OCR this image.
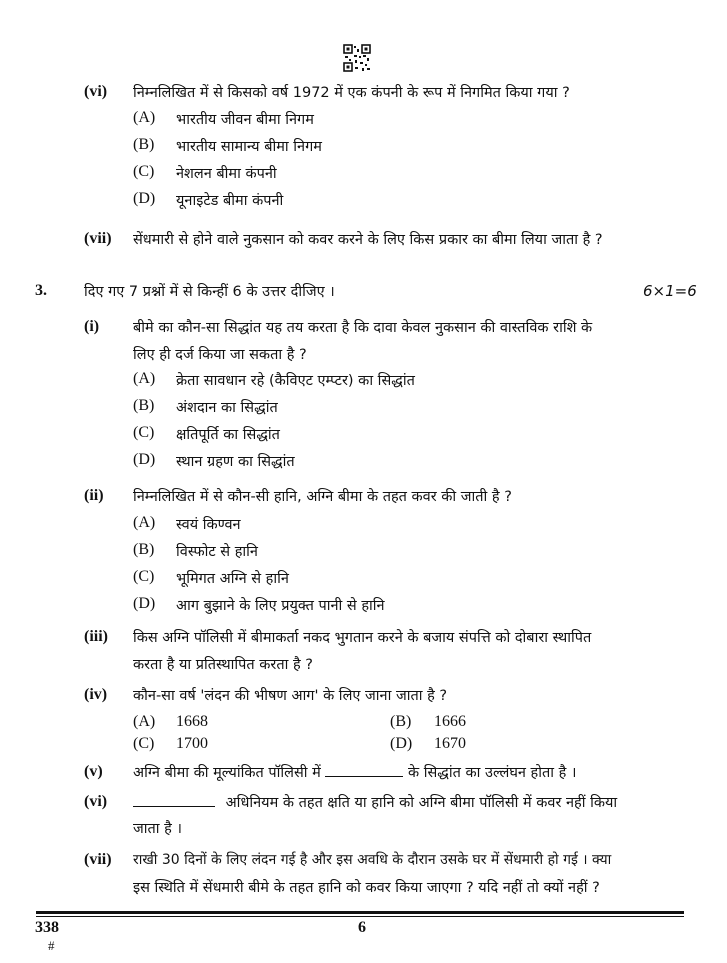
(vi) निम्नलिखित में से किसको वर्ष 1972 में एक कंपनी के रूप में निगमित किया गया ?
(A) भारतीय जीवन बीमा निगम
(B) भारतीय सामान्य बीमा निगम
(C) नेशलन बीमा कंपनी
(D) यूनाइटेड बीमा कंपनी
(vii) सेंधमारी से होने वाले नुकसान को कवर करने के लिए किस प्रकार का बीमा लिया जाता है ?
3.	दिए गए 7 प्रश्नों में से किन्हीं 6 के उत्तर दीजिए ।	6×1=6
(i) बीमे का कौन-सा सिद्धांत यह तय करता है कि दावा केवल नुकसान की वास्तविक राशि के
लिए ही दर्ज किया जा सकता है ?
(A) क्रेता सावधान रहे (कैविएट एम्प्टर) का सिद्धांत
(B) अंशदान का सिद्धांत
(C) क्षतिपूर्ति का सिद्धांत
(D) स्थान ग्रहण का सिद्धांत
(ii) निम्नलिखित में से कौन-सी हानि, अग्नि बीमा के तहत कवर की जाती है ?
(A) स्वयं किण्वन
(B) विस्फोट से हानि
(C) भूमिगत अग्नि से हानि
(D) आग बुझाने के लिए प्रयुक्त पानी से हानि
(iii) किस अग्नि पॉलिसी में बीमाकर्ता नकद भुगतान करने के बजाय संपत्ति को दोबारा स्थापित
करता है या प्रतिस्थापित करता है ?
(iv) कौन-सा वर्ष 'लंदन की भीषण आग' के लिए जाना जाता है ?
(A) 1668	(B) 1666
(C) 1700	(D) 1670
(v) अग्नि बीमा की मूल्यांकित पॉलिसी में	के सिद्धांत का उल्लंघन होता है ।
(vi)	अधिनियम के तहत क्षति या हानि को अग्नि बीमा पॉलिसी में कवर नहीं किया
जाता है ।
(vii) राखी 30 दिनों के लिए लंदन गई है और इस अवधि के दौरान उसके घर में सेंधमारी हो गई । क्या
इस स्थिति में सेंधमारी बीमे के तहत हानि को कवर किया जाएगा ? यदि नहीं तो क्यों नहीं ?
338
#
6
